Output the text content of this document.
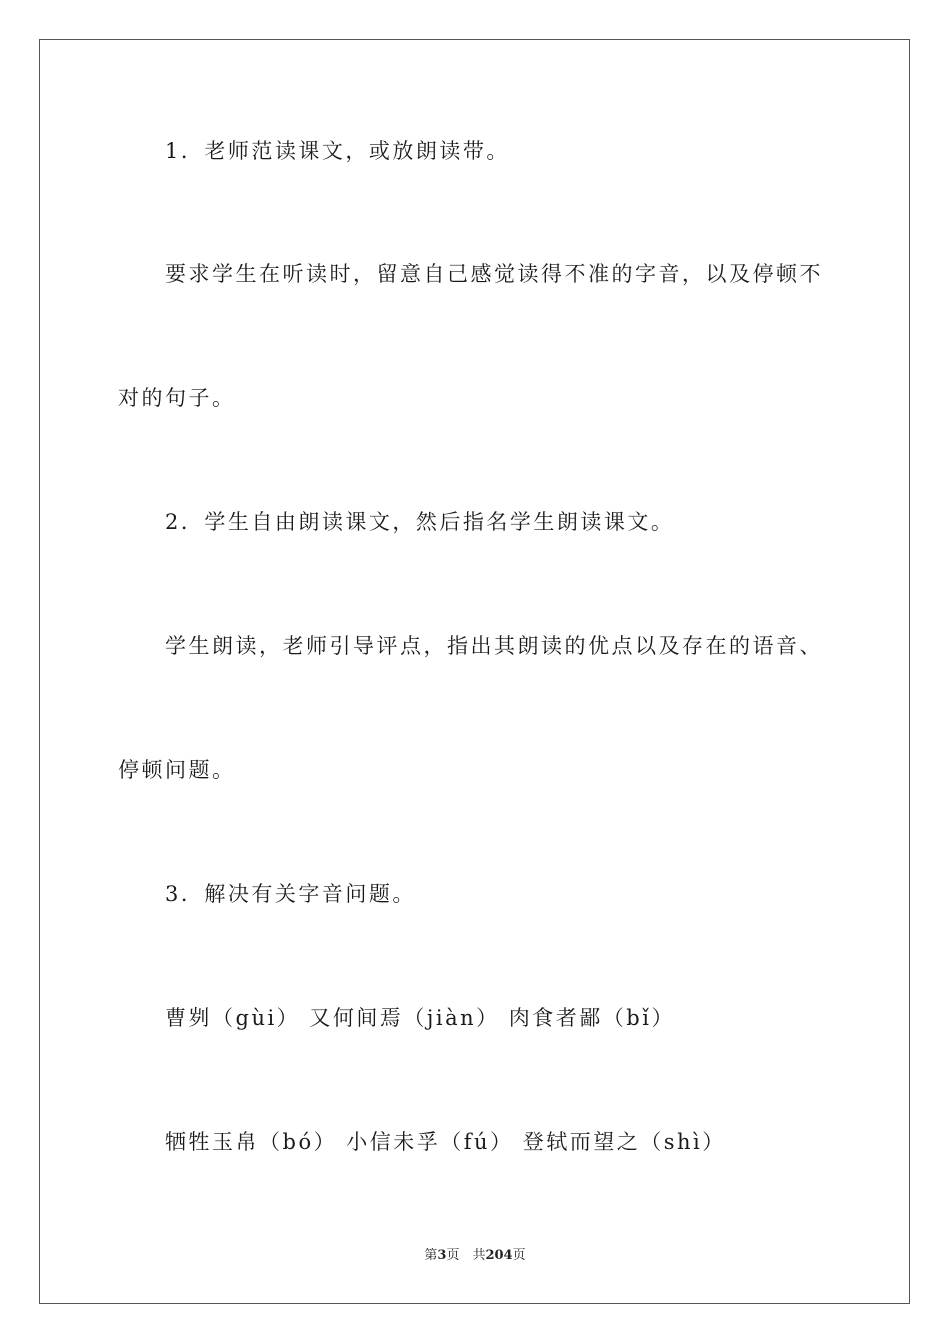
1．老师范读课文，或放朗读带。
要求学生在听读时，留意自己感觉读得不准的字音，以及停顿不
对的句子。
2．学生自由朗读课文，然后指名学生朗读课文。
学生朗读，老师引导评点，指出其朗读的优点以及存在的语音、
停顿问题。
3．解决有关字音问题。
曹刿（gùi） 又何间焉（jiàn） 肉食者鄙（bǐ）
牺牲玉帛（bó） 小信未孚（fú） 登轼而望之（shì）
第3页  共204页
